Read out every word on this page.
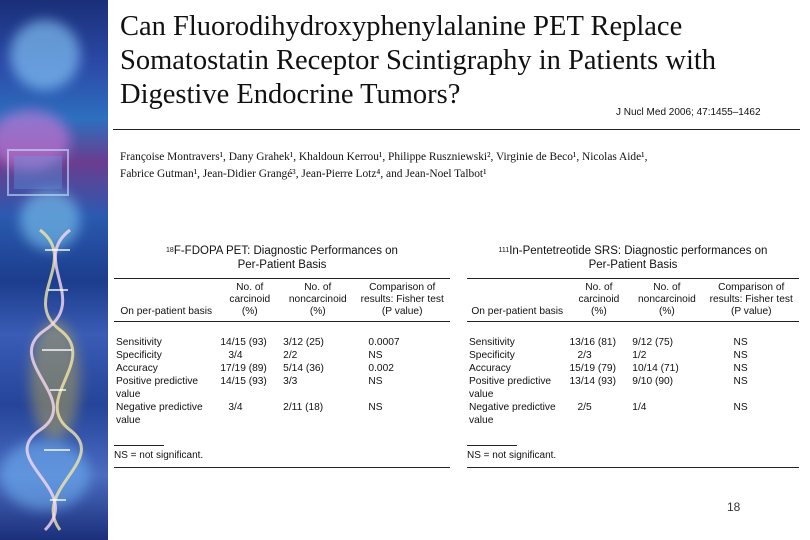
Can Fluorodihydroxyphenylalanine PET Replace Somatostatin Receptor Scintigraphy in Patients with Digestive Endocrine Tumors?
J Nucl Med 2006; 47:1455–1462
Françoise Montravers¹, Dany Grahek¹, Khaldoun Kerrou¹, Philippe Ruszniewski², Virginie de Beco¹, Nicolas Aide¹,
Fabrice Gutman¹, Jean-Didier Grangé³, Jean-Pierre Lotz⁴, and Jean-Noel Talbot¹
$^{18}$F-FDOPA PET: Diagnostic Performances on
Per-Patient Basis
On per-patient basis	No. of carcinoid (%)	No. of noncarcinoid (%)	Comparison of results: Fisher test (P value)

Sensitivity	14/15 (93)	3/12 (25)	0.0007
Specificity	3/4	2/2	NS
Accuracy	17/19 (89)	5/14 (36)	0.002
Positive predictive value	14/15 (93)	3/3	NS
Negative predictive value	3/4	2/11 (18)	NS
NS = not significant.
$^{111}$In-Pentetreotide SRS: Diagnostic performances on
Per-Patient Basis
On per-patient basis	No. of carcinoid (%)	No. of noncarcinoid (%)	Comparison of results: Fisher test (P value)

Sensitivity	13/16 (81)	9/12 (75)	NS
Specificity	2/3	1/2	NS
Accuracy	15/19 (79)	10/14 (71)	NS
Positive predictive value	13/14 (93)	9/10 (90)	NS
Negative predictive value	2/5	1/4	NS
NS = not significant.
18
